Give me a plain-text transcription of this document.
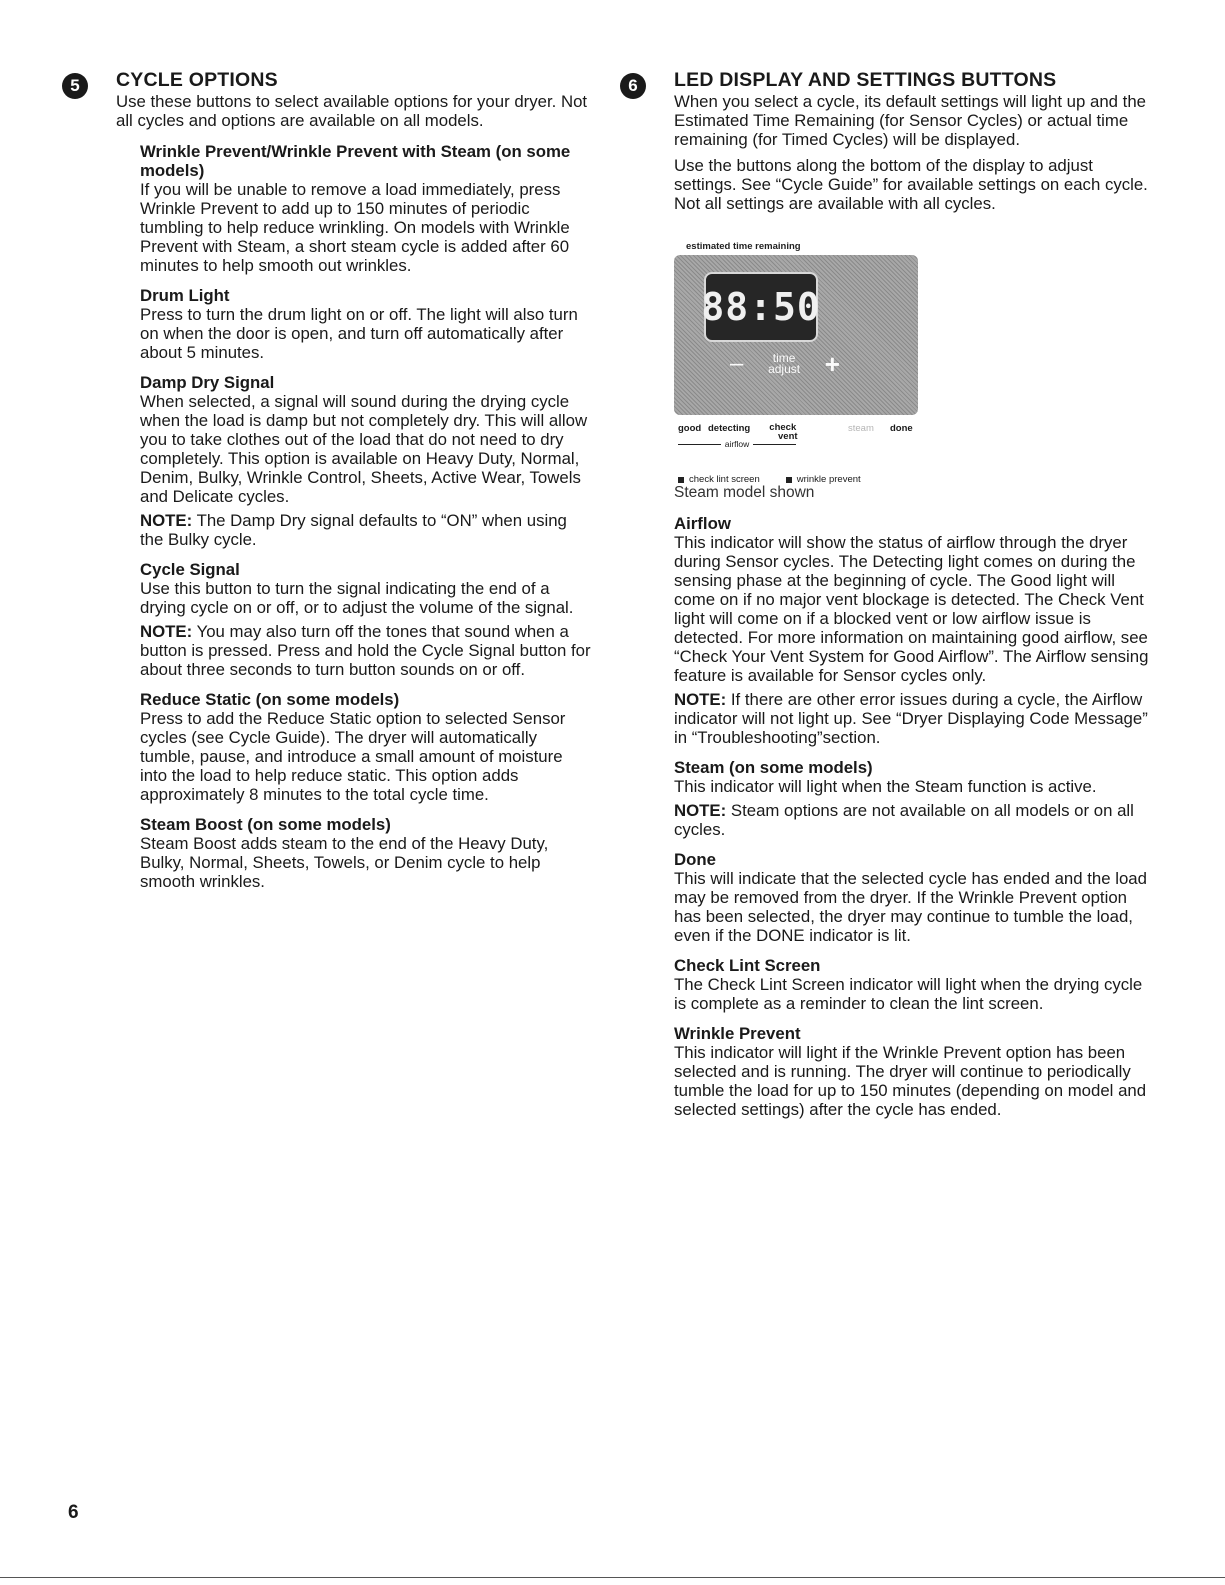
5	CYCLE OPTIONS

Use these buttons to select available options for your dryer. Not all cycles and options are available on all models.

Wrinkle Prevent/Wrinkle Prevent with Steam (on some models)

If you will be unable to remove a load immediately, press Wrinkle Prevent to add up to 150 minutes of periodic tumbling to help reduce wrinkling. On models with Wrinkle Prevent with Steam, a short steam cycle is added after 60 minutes to help smooth out wrinkles.

Drum Light

Press to turn the drum light on or off. The light will also turn on when the door is open, and turn off automatically after about 5 minutes.

Damp Dry Signal

When selected, a signal will sound during the drying cycle when the load is damp but not completely dry. This will allow you to take clothes out of the load that do not need to dry completely. This option is available on Heavy Duty, Normal, Denim, Bulky, Wrinkle Control, Sheets, Active Wear, Towels and Delicate cycles.

NOTE: The Damp Dry signal defaults to “ON” when using the Bulky cycle.

Cycle Signal

Use this button to turn the signal indicating the end of a drying cycle on or off, or to adjust the volume of the signal.

NOTE: You may also turn off the tones that sound when a button is pressed. Press and hold the Cycle Signal button for about three seconds to turn button sounds on or off.

Reduce Static (on some models)

Press to add the Reduce Static option to selected Sensor cycles (see Cycle Guide). The dryer will automatically tumble, pause, and introduce a small amount of moisture into the load to help reduce static. This option adds approximately 8 minutes to the total cycle time.

Steam Boost (on some models)

Steam Boost adds steam to the end of the Heavy Duty, Bulky, Normal, Sheets, Towels, or Denim cycle to help smooth wrinkles.

6	LED DISPLAY AND SETTINGS BUTTONS

When you select a cycle, its default settings will light up and the Estimated Time Remaining (for Sensor Cycles) or actual time remaining (for Timed Cycles) will be displayed.

Use the buttons along the bottom of the display to adjust settings. See “Cycle Guide” for available settings on each cycle. Not all settings are available with all cycles.

estimated time remaining
88:50
–	time
adjust +
good detecting check
vent
steam done
airflow
check lint screen	wrinkle prevent

Steam model shown

Airflow

This indicator will show the status of airflow through the dryer during Sensor cycles. The Detecting light comes on during the sensing phase at the beginning of cycle. The Good light will come on if no major vent blockage is detected. The Check Vent light will come on if a blocked vent or low airflow issue is detected. For more information on maintaining good airflow, see “Check Your Vent System for Good Airflow”. The Airflow sensing feature is available for Sensor cycles only.

NOTE: If there are other error issues during a cycle, the Airflow indicator will not light up. See “Dryer Displaying Code Message” in “Troubleshooting”section.

Steam (on some models)

This indicator will light when the Steam function is active.

NOTE: Steam options are not available on all models or on all cycles.

Done

This will indicate that the selected cycle has ended and the load may be removed from the dryer. If the Wrinkle Prevent option has been selected, the dryer may continue to tumble the load, even if the DONE indicator is lit.

Check Lint Screen

The Check Lint Screen indicator will light when the drying cycle is complete as a reminder to clean the lint screen.

Wrinkle Prevent

This indicator will light if the Wrinkle Prevent option has been selected and is running. The dryer will continue to periodically tumble the load for up to 150 minutes (depending on model and selected settings) after the cycle has ended.

6
